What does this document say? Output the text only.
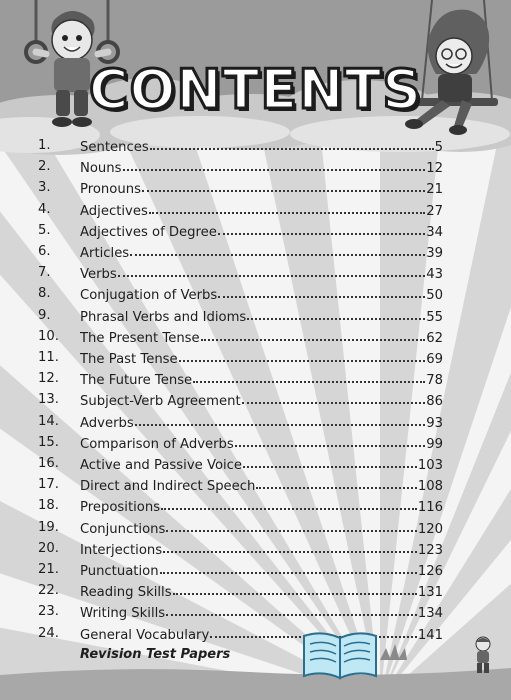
CONTENTS
1. Sentences	5
2. Nouns	12
3. Pronouns	21
4. Adjectives	27
5. Adjectives of Degree	34
6. Articles	39
7. Verbs	43
8. Conjugation of Verbs	50
9. Phrasal Verbs and Idioms	55
10. The Present Tense	62
11. The Past Tense	69
12. The Future Tense	78
13. Subject-Verb Agreement	86
14. Adverbs	93
15. Comparison of Adverbs	99
16. Active and Passive Voice	103
17. Direct and Indirect Speech	108
18. Prepositions	116
19. Conjunctions	120
20. Interjections	123
21. Punctuation	126
22. Reading Skills	131
23. Writing Skills	134
24. General Vocabulary	141
Revision Test Papers
